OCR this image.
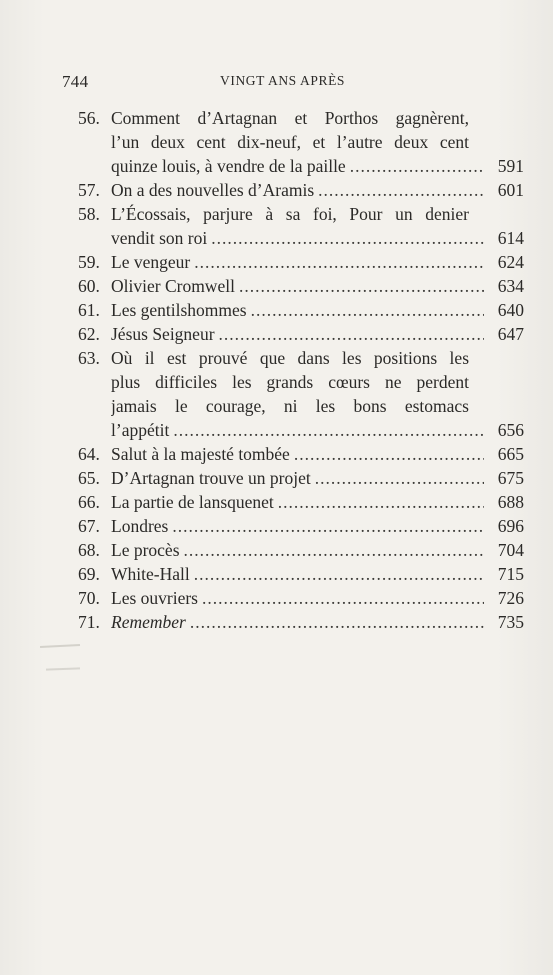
744	VINGT ANS APRÈS
56. Comment d’Artagnan et Porthos gagnèrent,
l’un deux cent dix-neuf, et l’autre deux cent
quinze louis, à vendre de la paille .....	591
57. On a des nouvelles d’Aramis .....	601
58. L’Écossais, parjure à sa foi, Pour un denier
vendit son roi .....	614
59. Le vengeur .....	624
60. Olivier Cromwell .....	634
61. Les gentilshommes .....	640
62. Jésus Seigneur .....	647
63. Où il est prouvé que dans les positions les
plus difficiles les grands cœurs ne perdent
jamais le courage, ni les bons estomacs
l’appétit .....	656
64. Salut à la majesté tombée .....	665
65. D’Artagnan trouve un projet .....	675
66. La partie de lansquenet .....	688
67. Londres .....	696
68. Le procès .....	704
69. White-Hall .....	715
70. Les ouvriers .....	726
71. Remember .....	735
